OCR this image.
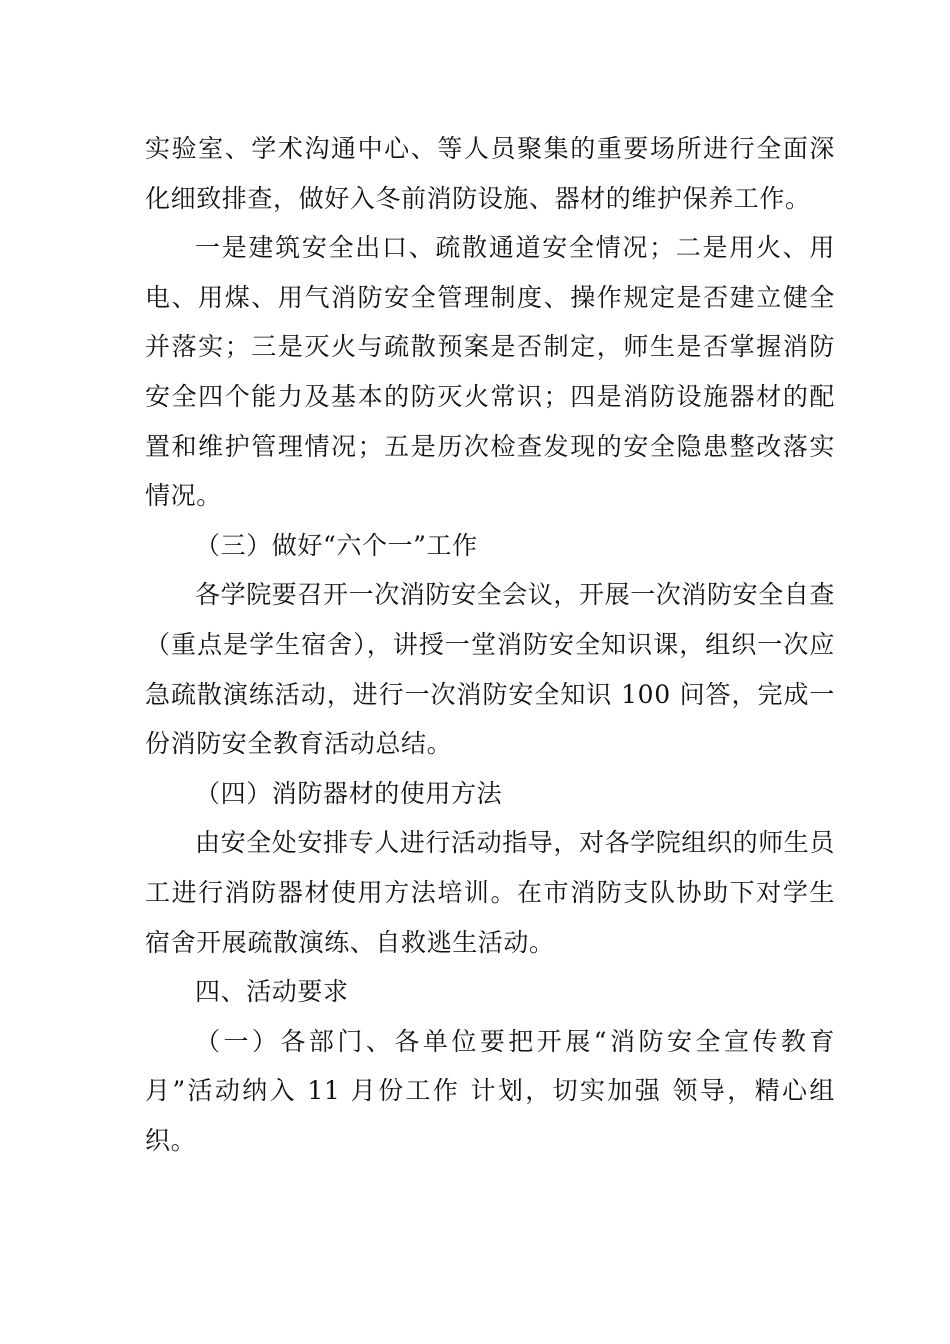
实验室、学术沟通中心、等人员聚集的重要场所进行全面深化细致排查，做好入冬前消防设施、器材的维护保养工作。

一是建筑安全出口、疏散通道安全情况；二是用火、用电、用煤、用气消防安全管理制度、操作规定是否建立健全并落实；三是灭火与疏散预案是否制定，师生是否掌握消防安全四个能力及基本的防灭火常识；四是消防设施器材的配置和维护管理情况；五是历次检查发现的安全隐患整改落实情况。

（三）做好“六个一”工作

各学院要召开一次消防安全会议，开展一次消防安全自查（重点是学生宿舍），讲授一堂消防安全知识课，组织一次应急疏散演练活动，进行一次消防安全知识 100 问答，完成一份消防安全教育活动总结。

（四）消防器材的使用方法

由安全处安排专人进行活动指导，对各学院组织的师生员工进行消防器材使用方法培训。在市消防支队协助下对学生宿舍开展疏散演练、自救逃生活动。

四、活动要求

（一）各部门、各单位要把开展“消防安全宣传教育月”活动纳入 11 月份工作 计划，切实加强 领导，精心组织。
